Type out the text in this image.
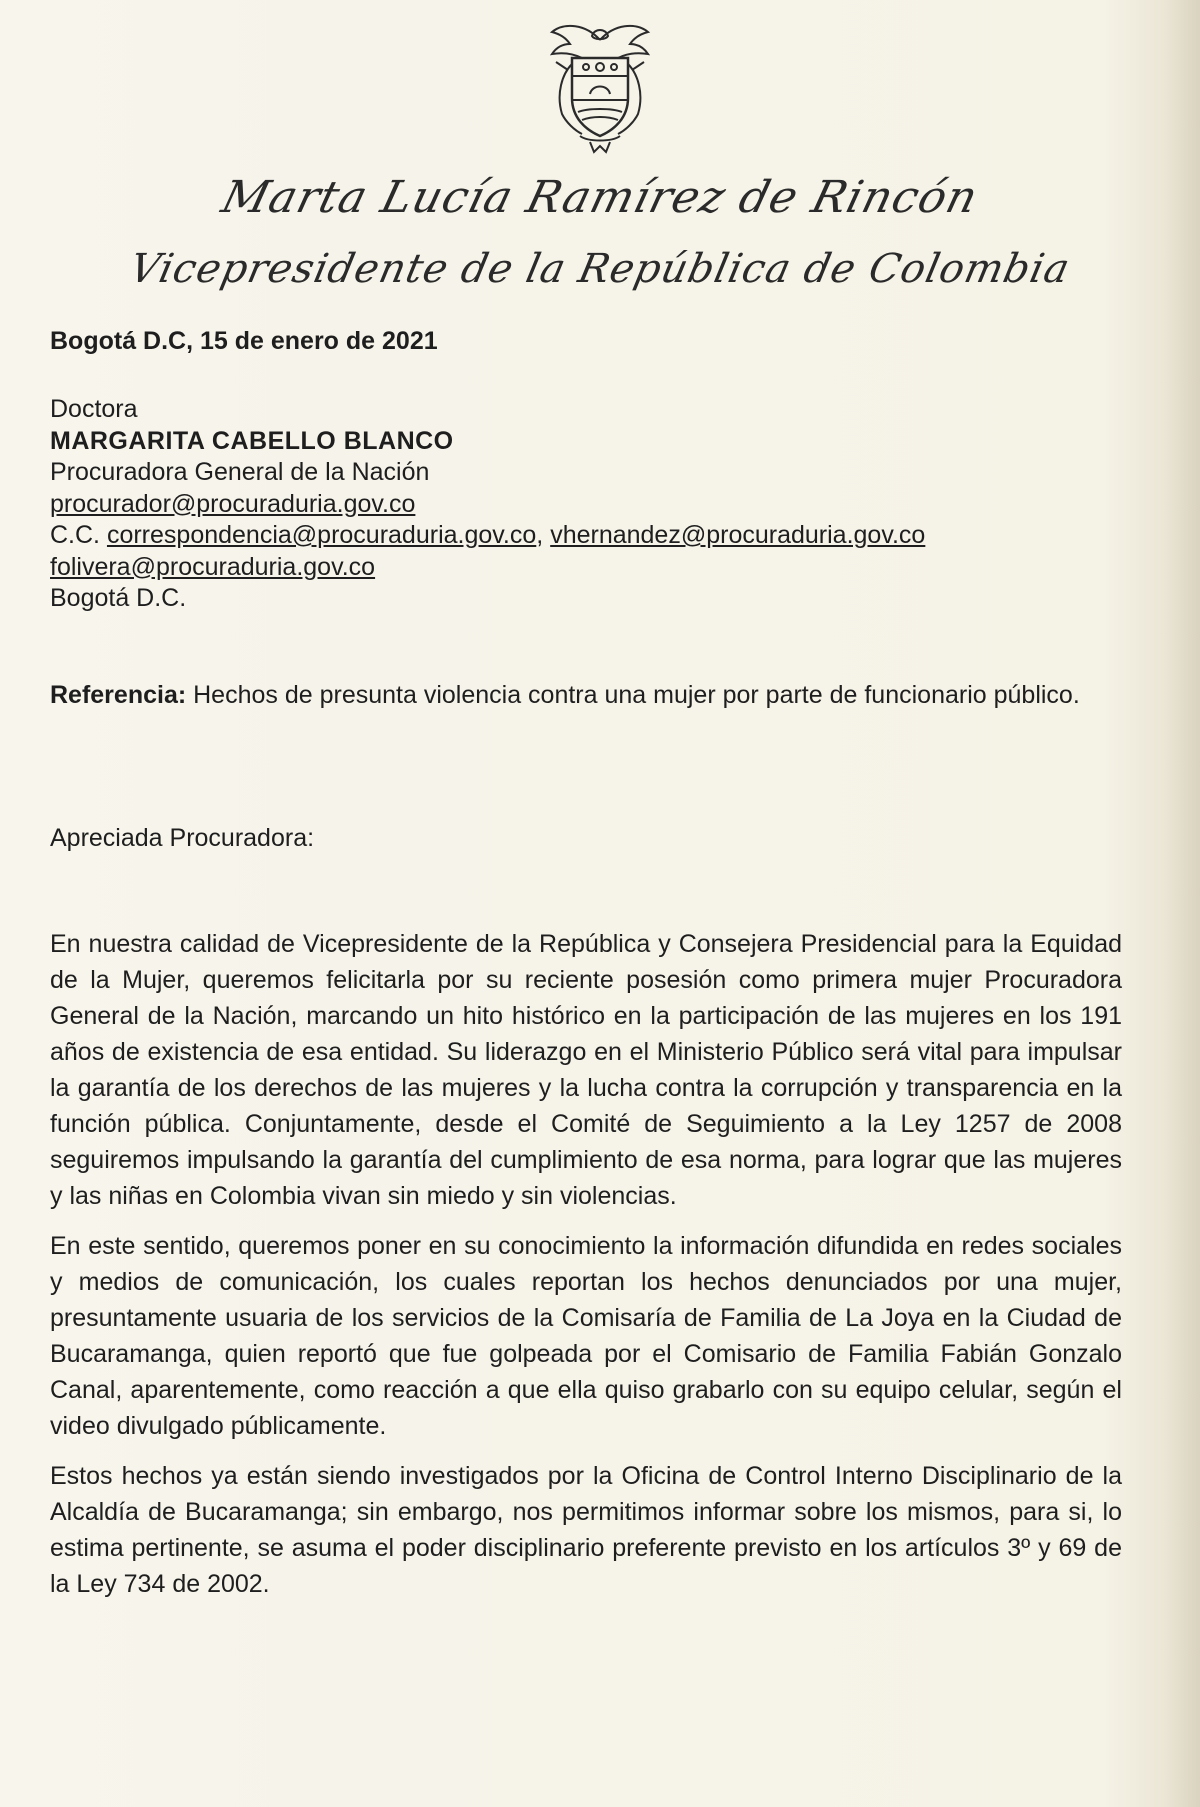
Marta Lucía Ramírez de Rincón
Vicepresidente de la República de Colombia
Bogotá D.C, 15 de enero de 2021
Doctora
MARGARITA CABELLO BLANCO
Procuradora General de la Nación
procurador@procuraduria.gov.co
C.C. correspondencia@procuraduria.gov.co, vhernandez@procuraduria.gov.co
folivera@procuraduria.gov.co
Bogotá D.C.
Referencia: Hechos de presunta violencia contra una mujer por parte de funcionario público.
Apreciada Procuradora:

En nuestra calidad de Vicepresidente de la República y Consejera Presidencial para la Equidad de la Mujer, queremos felicitarla por su reciente posesión como primera mujer Procuradora General de la Nación, marcando un hito histórico en la participación de las mujeres en los 191 años de existencia de esa entidad. Su liderazgo en el Ministerio Público será vital para impulsar la garantía de los derechos de las mujeres y la lucha contra la corrupción y transparencia en la función pública. Conjuntamente, desde el Comité de Seguimiento a la Ley 1257 de 2008 seguiremos impulsando la garantía del cumplimiento de esa norma, para lograr que las mujeres y las niñas en Colombia vivan sin miedo y sin violencias.

En este sentido, queremos poner en su conocimiento la información difundida en redes sociales y medios de comunicación, los cuales reportan los hechos denunciados por una mujer, presuntamente usuaria de los servicios de la Comisaría de Familia de La Joya en la Ciudad de Bucaramanga, quien reportó que fue golpeada por el Comisario de Familia Fabián Gonzalo Canal, aparentemente, como reacción a que ella quiso grabarlo con su equipo celular, según el video divulgado públicamente.

Estos hechos ya están siendo investigados por la Oficina de Control Interno Disciplinario de la Alcaldía de Bucaramanga; sin embargo, nos permitimos informar sobre los mismos, para si, lo estima pertinente, se asuma el poder disciplinario preferente previsto en los artículos 3º y 69 de la Ley 734 de 2002.
